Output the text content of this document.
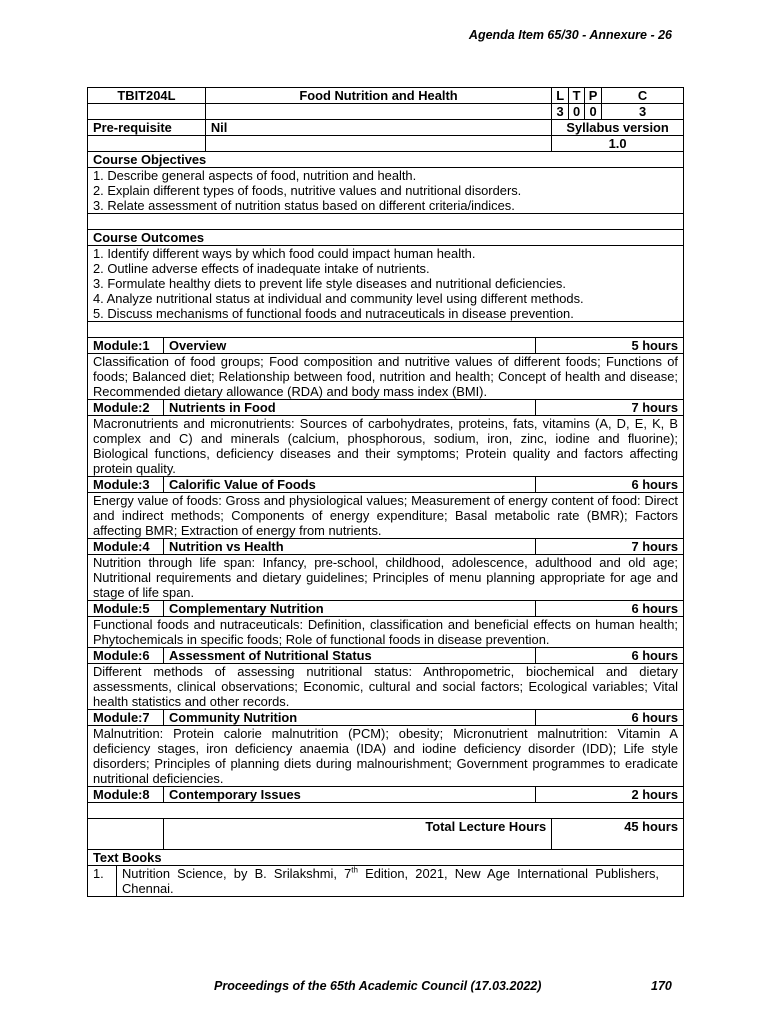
Agenda Item 65/30 - Annexure - 26
TBIT204L	Food Nutrition and Health	L	T	P	C
		3	0	0	3
Pre-requisite	Nil	Syllabus version
		1.0
Course Objectives

1. Describe general aspects of food, nutrition and health.
2. Explain different types of foods, nutritive values and nutritional disorders.
3. Relate assessment of nutrition status based on different criteria/indices.

Course Outcomes

1. Identify different ways by which food could impact human health.
2. Outline adverse effects of inadequate intake of nutrients.
3. Formulate healthy diets to prevent life style diseases and nutritional deficiencies.
4. Analyze nutritional status at individual and community level using different methods.
5. Discuss mechanisms of functional foods and nutraceuticals in disease prevention.

Module:1	Overview	5 hours
Classification of food groups; Food composition and nutritive values of different foods; Functions of foods; Balanced diet; Relationship between food, nutrition and health; Concept of health and disease; Recommended dietary allowance (RDA) and body mass index (BMI).
Module:2	Nutrients in Food	7 hours
Macronutrients and micronutrients: Sources of carbohydrates, proteins, fats, vitamins (A, D, E, K, B complex and C) and minerals (calcium, phosphorous, sodium, iron, zinc, iodine and fluorine); Biological functions, deficiency diseases and their symptoms; Protein quality and factors affecting protein quality.
Module:3	Calorific Value of Foods	6 hours
Energy value of foods: Gross and physiological values; Measurement of energy content of food: Direct and indirect methods; Components of energy expenditure; Basal metabolic rate (BMR); Factors affecting BMR; Extraction of energy from nutrients.
Module:4	Nutrition vs Health	7 hours
Nutrition through life span: Infancy, pre-school, childhood, adolescence, adulthood and old age; Nutritional requirements and dietary guidelines; Principles of menu planning appropriate for age and stage of life span.
Module:5	Complementary Nutrition	6 hours
Functional foods and nutraceuticals: Definition, classification and beneficial effects on human health; Phytochemicals in specific foods; Role of functional foods in disease prevention.
Module:6	Assessment of Nutritional Status	6 hours
Different methods of assessing nutritional status: Anthropometric, biochemical and dietary assessments, clinical observations; Economic, cultural and social factors; Ecological variables; Vital health statistics and other records.
Module:7	Community Nutrition	6 hours
Malnutrition: Protein calorie malnutrition (PCM); obesity; Micronutrient malnutrition: Vitamin A deficiency stages, iron deficiency anaemia (IDA) and iodine deficiency disorder (IDD); Life style disorders; Principles of planning diets during malnourishment; Government programmes to eradicate nutritional deficiencies.
Module:8	Contemporary Issues	2 hours

	Total Lecture Hours	45 hours
Text Books

1.	Nutrition Science, by B. Srilakshmi, 7th Edition, 2021, New Age International Publishers, Chennai.
Proceedings of the 65th Academic Council (17.03.2022)	170
